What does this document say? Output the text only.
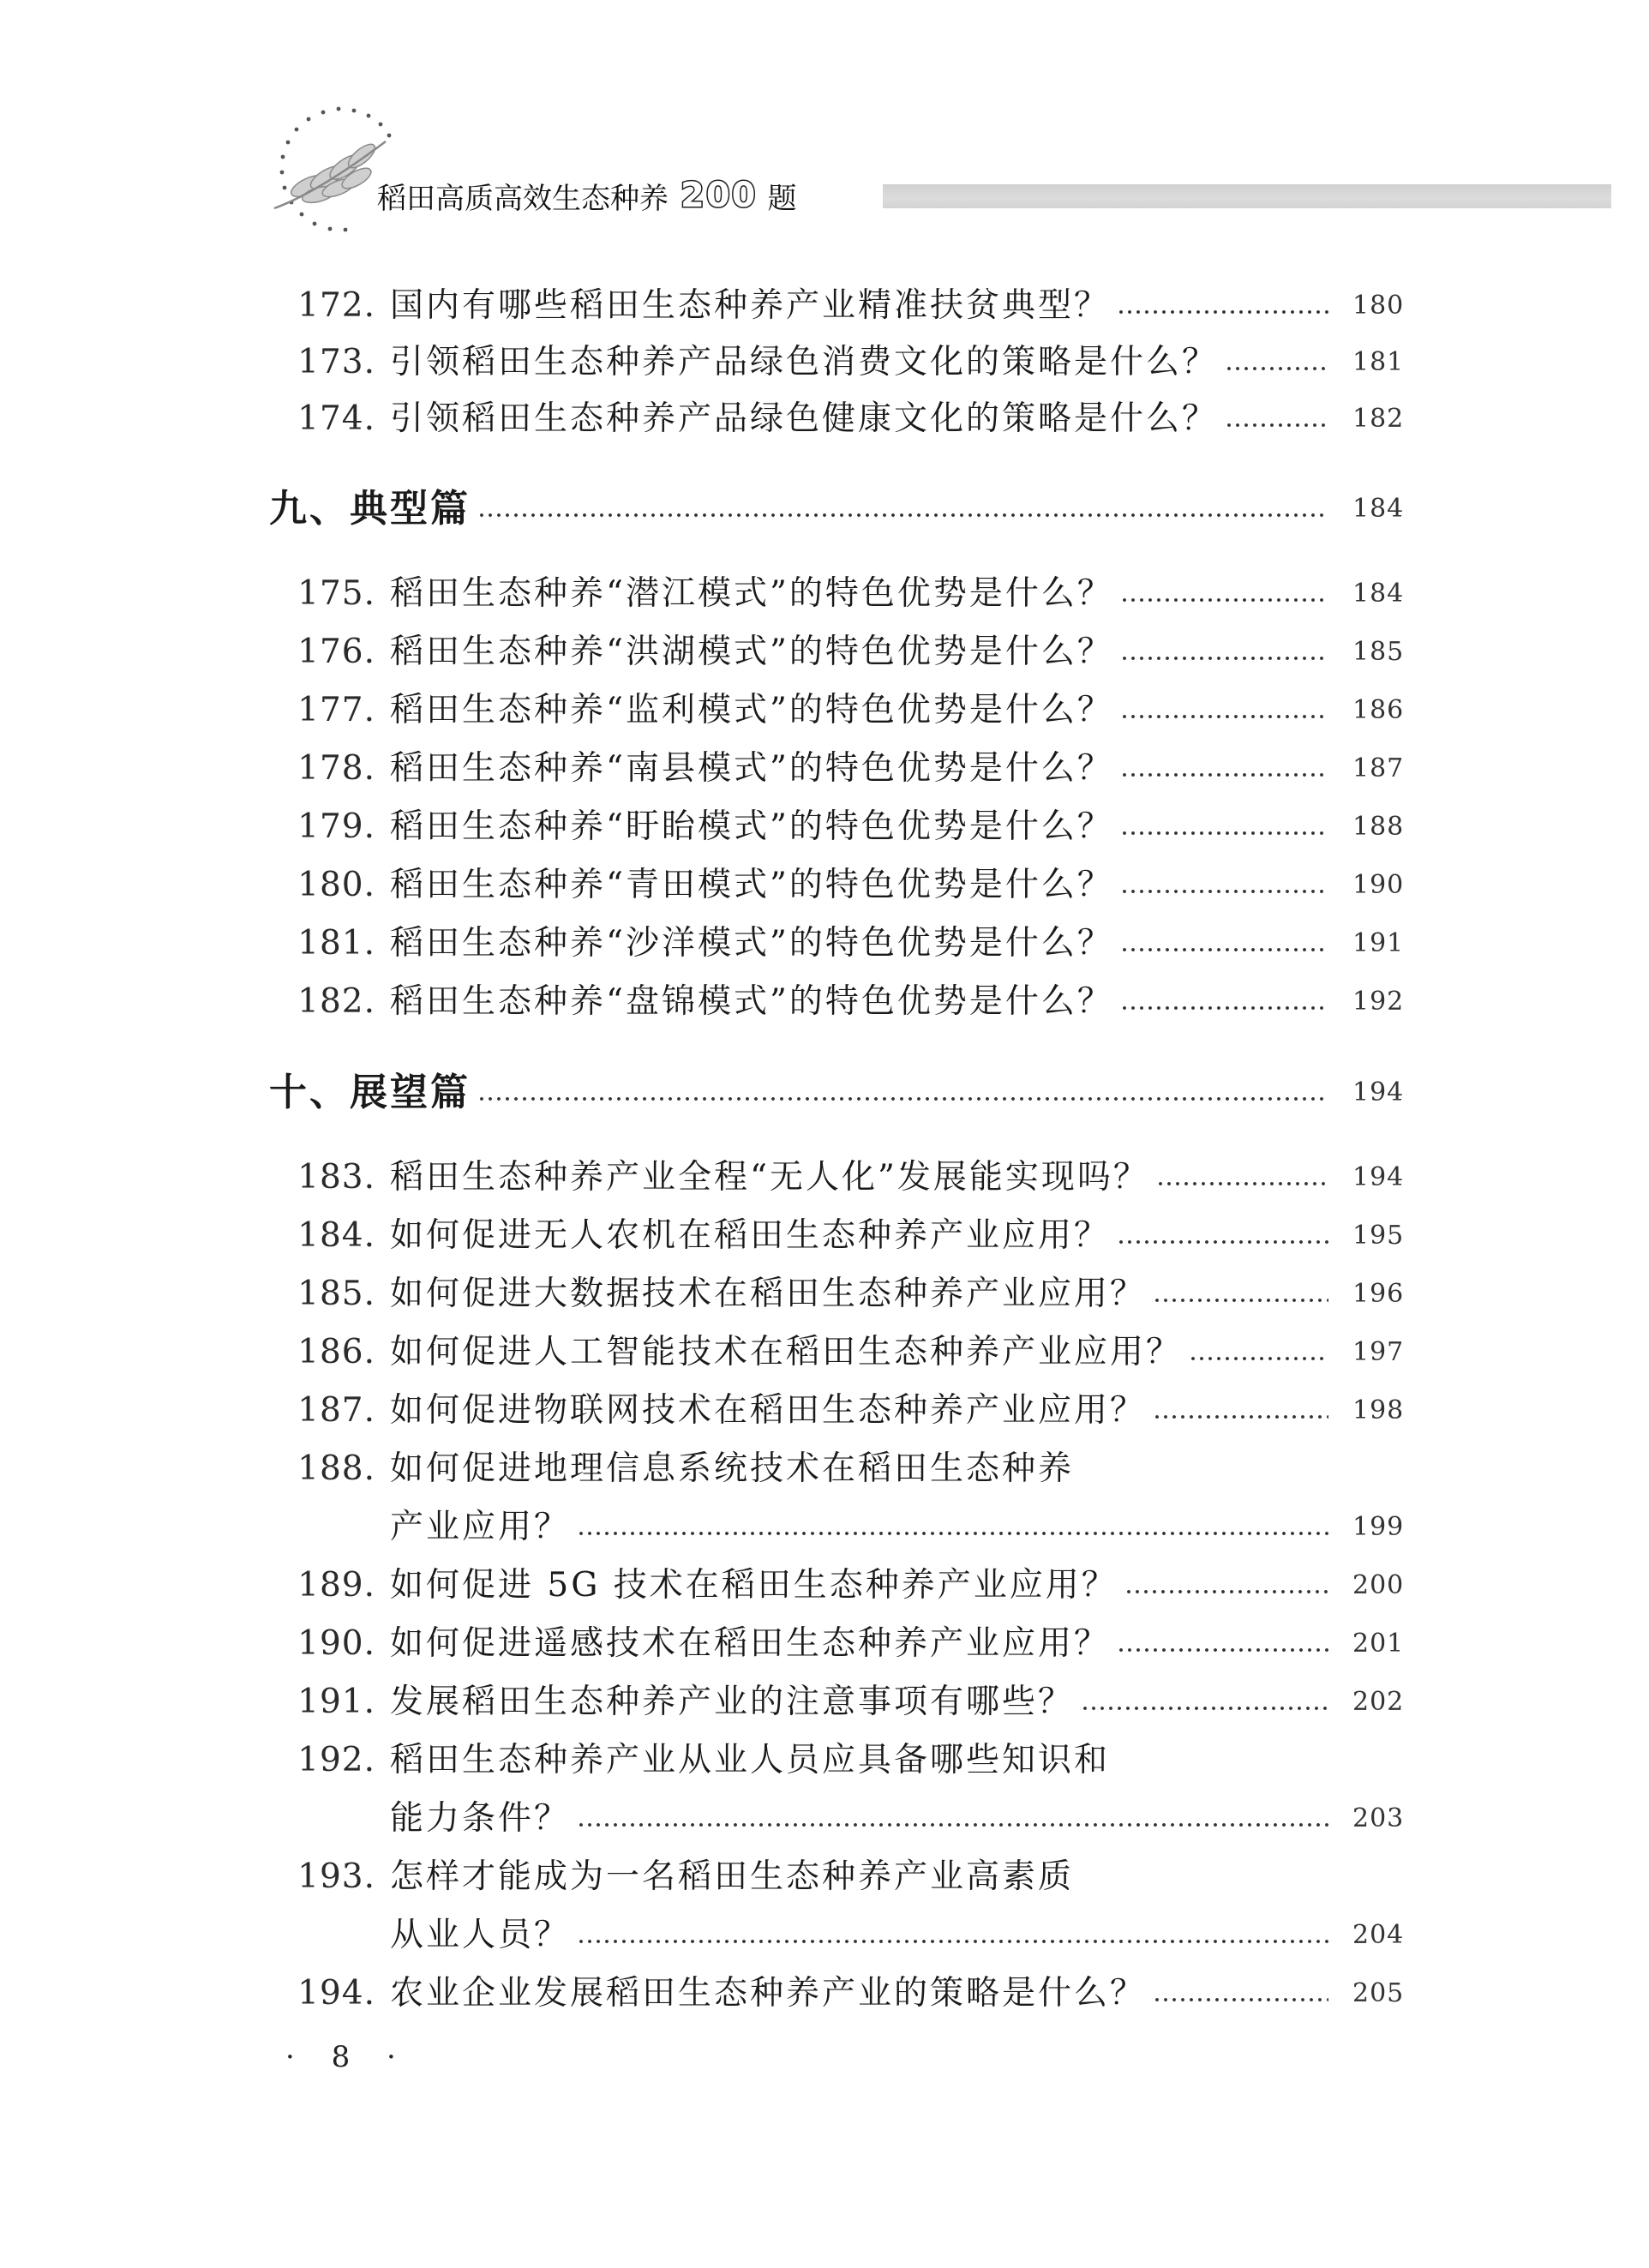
稻田高质高效生态种养 200 题
172. 国内有哪些稻田生态种养产业精准扶贫典型？	180
173. 引领稻田生态种养产品绿色消费文化的策略是什么？	181
174. 引领稻田生态种养产品绿色健康文化的策略是什么？	182
九、典型篇	184
175. 稻田生态种养“潜江模式”的特色优势是什么？	184
176. 稻田生态种养“洪湖模式”的特色优势是什么？	185
177. 稻田生态种养“监利模式”的特色优势是什么？	186
178. 稻田生态种养“南县模式”的特色优势是什么？	187
179. 稻田生态种养“盱眙模式”的特色优势是什么？	188
180. 稻田生态种养“青田模式”的特色优势是什么？	190
181. 稻田生态种养“沙洋模式”的特色优势是什么？	191
182. 稻田生态种养“盘锦模式”的特色优势是什么？	192
十、展望篇	194
183. 稻田生态种养产业全程“无人化”发展能实现吗？	194
184. 如何促进无人农机在稻田生态种养产业应用？	195
185. 如何促进大数据技术在稻田生态种养产业应用？	196
186. 如何促进人工智能技术在稻田生态种养产业应用？	197
187. 如何促进物联网技术在稻田生态种养产业应用？	198
188. 如何促进地理信息系统技术在稻田生态种养
产业应用？	199
189. 如何促进 5G 技术在稻田生态种养产业应用？	200
190. 如何促进遥感技术在稻田生态种养产业应用？	201
191. 发展稻田生态种养产业的注意事项有哪些？	202
192. 稻田生态种养产业从业人员应具备哪些知识和
能力条件？	203
193. 怎样才能成为一名稻田生态种养产业高素质
从业人员？	204
194. 农业企业发展稻田生态种养产业的策略是什么？	205
· 8 ·
